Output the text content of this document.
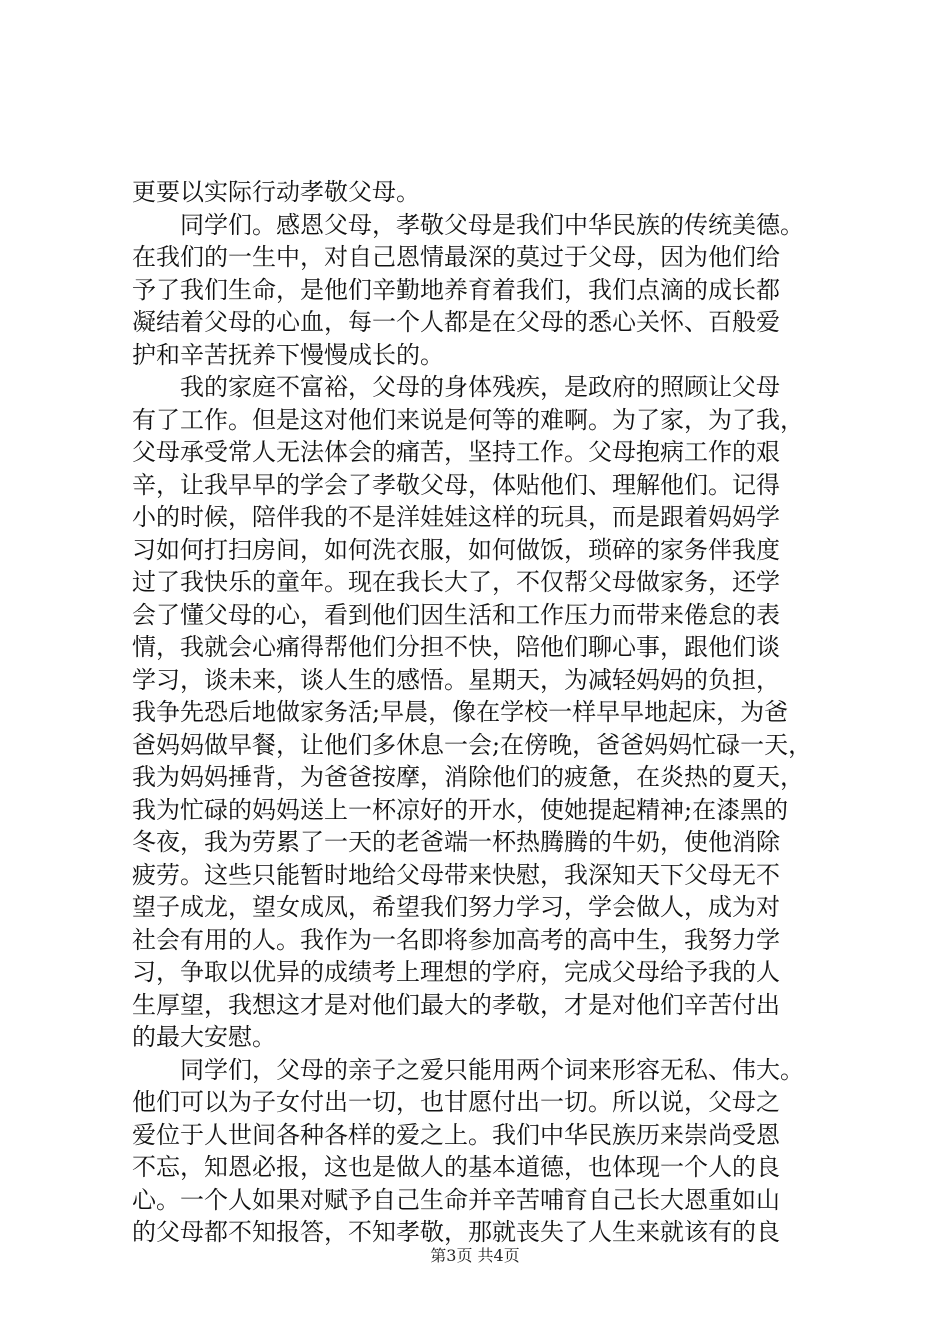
更要以实际行动孝敬父母。
同学们。感恩父母，孝敬父母是我们中华民族的传统美德。
在我们的一生中，对自己恩情最深的莫过于父母，因为他们给
予了我们生命，是他们辛勤地养育着我们，我们点滴的成长都
凝结着父母的心血，每一个人都是在父母的悉心关怀、百般爱
护和辛苦抚养下慢慢成长的。
我的家庭不富裕，父母的身体残疾，是政府的照顾让父母
有了工作。但是这对他们来说是何等的难啊。为了家，为了我，
父母承受常人无法体会的痛苦，坚持工作。父母抱病工作的艰
辛，让我早早的学会了孝敬父母，体贴他们、理解他们。记得
小的时候，陪伴我的不是洋娃娃这样的玩具，而是跟着妈妈学
习如何打扫房间，如何洗衣服，如何做饭，琐碎的家务伴我度
过了我快乐的童年。现在我长大了，不仅帮父母做家务，还学
会了懂父母的心，看到他们因生活和工作压力而带来倦怠的表
情，我就会心痛得帮他们分担不快，陪他们聊心事，跟他们谈
学习，谈未来，谈人生的感悟。星期天，为减轻妈妈的负担，
我争先恐后地做家务活;早晨，像在学校一样早早地起床，为爸
爸妈妈做早餐，让他们多休息一会;在傍晚，爸爸妈妈忙碌一天，
我为妈妈捶背，为爸爸按摩，消除他们的疲惫，在炎热的夏天，
我为忙碌的妈妈送上一杯凉好的开水，使她提起精神;在漆黑的
冬夜，我为劳累了一天的老爸端一杯热腾腾的牛奶，使他消除
疲劳。这些只能暂时地给父母带来快慰，我深知天下父母无不
望子成龙，望女成凤，希望我们努力学习，学会做人，成为对
社会有用的人。我作为一名即将参加高考的高中生，我努力学
习，争取以优异的成绩考上理想的学府，完成父母给予我的人
生厚望，我想这才是对他们最大的孝敬，才是对他们辛苦付出
的最大安慰。
同学们，父母的亲子之爱只能用两个词来形容无私、伟大。
他们可以为子女付出一切，也甘愿付出一切。所以说，父母之
爱位于人世间各种各样的爱之上。我们中华民族历来崇尚受恩
不忘，知恩必报，这也是做人的基本道德，也体现一个人的良
心。一个人如果对赋予自己生命并辛苦哺育自己长大恩重如山
的父母都不知报答，不知孝敬，那就丧失了人生来就该有的良
第3页 共4页
